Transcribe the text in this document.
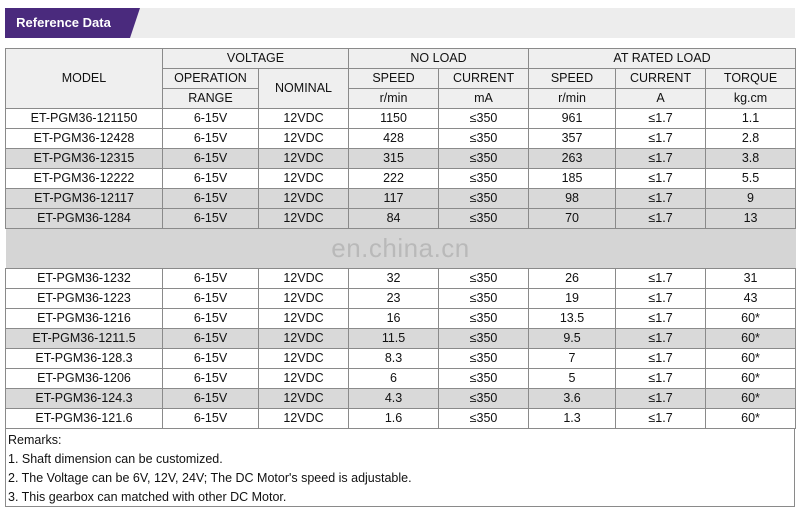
Reference Data
MODEL	VOLTAGE		NO LOAD		AT RATED LOAD		
	OPERATION	NOMINAL	SPEED	CURRENT	SPEED	CURRENT	TORQUE
	RANGE		r/min	mA	r/min	A	kg.cm
ET-PGM36-121150	6-15V	12VDC	1150	≤350	961	≤1.7	1.1
ET-PGM36-12428	6-15V	12VDC	428	≤350	357	≤1.7	2.8
ET-PGM36-12315	6-15V	12VDC	315	≤350	263	≤1.7	3.8
ET-PGM36-12222	6-15V	12VDC	222	≤350	185	≤1.7	5.5
ET-PGM36-12117	6-15V	12VDC	117	≤350	98	≤1.7	9
ET-PGM36-1284	6-15V	12VDC	84	≤350	70	≤1.7	13
en.china.cn							
ET-PGM36-1232	6-15V	12VDC	32	≤350	26	≤1.7	31
ET-PGM36-1223	6-15V	12VDC	23	≤350	19	≤1.7	43
ET-PGM36-1216	6-15V	12VDC	16	≤350	13.5	≤1.7	60*
ET-PGM36-1211.5	6-15V	12VDC	11.5	≤350	9.5	≤1.7	60*
ET-PGM36-128.3	6-15V	12VDC	8.3	≤350	7	≤1.7	60*
ET-PGM36-1206	6-15V	12VDC	6	≤350	5	≤1.7	60*
ET-PGM36-124.3	6-15V	12VDC	4.3	≤350	3.6	≤1.7	60*
ET-PGM36-121.6	6-15V	12VDC	1.6	≤350	1.3	≤1.7	60*
Remarks:
1. Shaft dimension can be customized.
2. The Voltage can be 6V, 12V, 24V; The DC Motor's speed is adjustable.
3. This gearbox can matched with other DC Motor.
